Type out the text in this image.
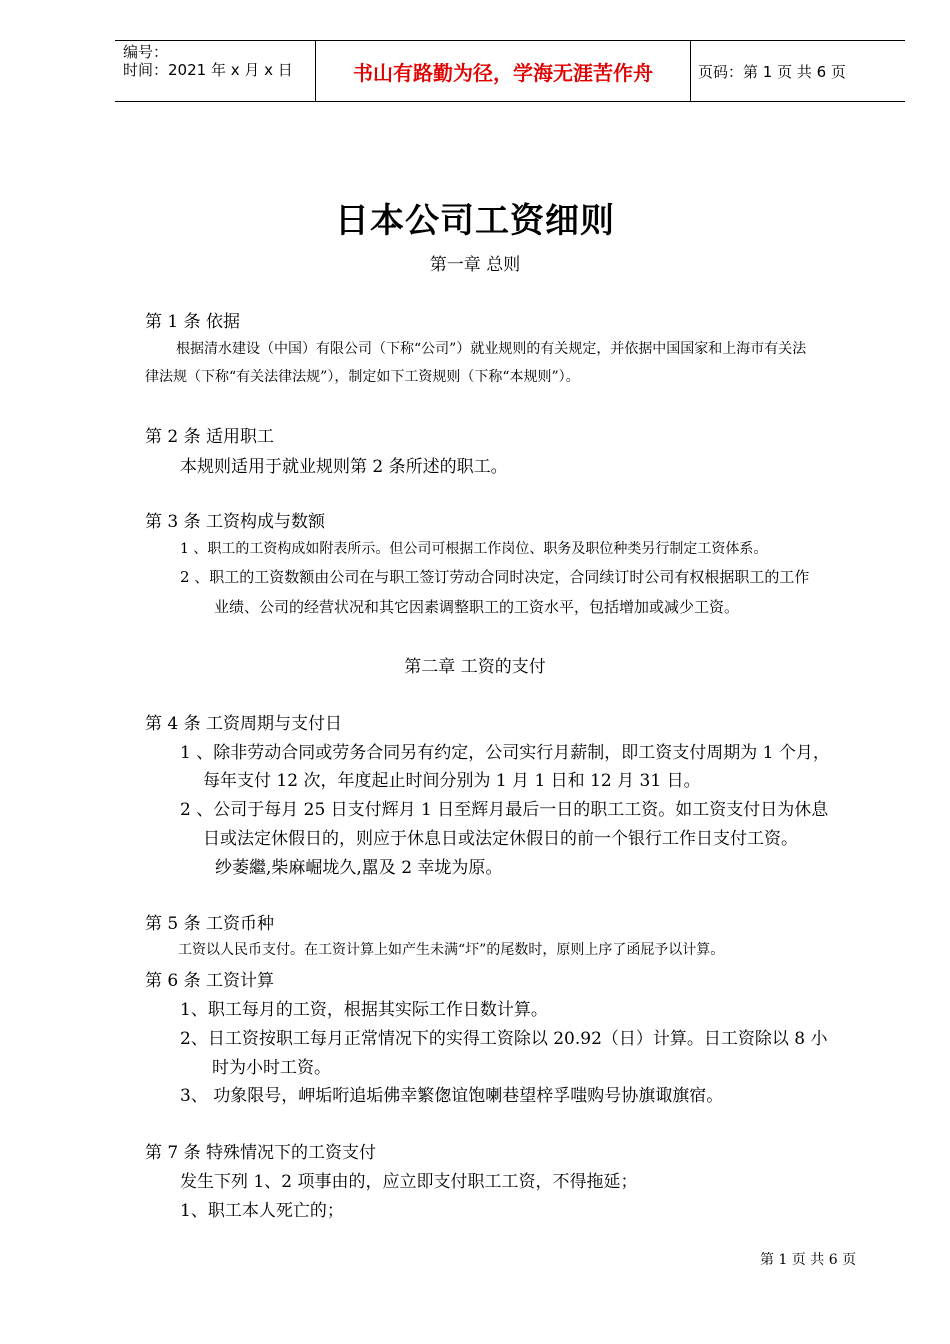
编号：
时间：2021 年 x 月 x 日	书山有路勤为径，学海无涯苦作舟	页码：第 1 页 共 6 页
日本公司工资细则
第一章 总则
第 1 条 依据
根据清水建设（中国）有限公司（下称“公司”）就业规则的有关规定，并依据中国国家和上海市有关法
律法规（下称“有关法律法规”），制定如下工资规则（下称“本规则”）。
第 2 条 适用职工
本规则适用于就业规则第 2 条所述的职工。
第 3 条 工资构成与数额
1 、职工的工资构成如附表所示。但公司可根据工作岗位、职务及职位种类另行制定工资体系。
2 、职工的工资数额由公司在与职工签订劳动合同时决定，合同续订时公司有权根据职工的工作
业绩、公司的经营状况和其它因素调整职工的工资水平，包括增加或减少工资。
第二章 工资的支付
第 4 条 工资周期与支付日
1 、除非劳动合同或劳务合同另有约定，公司实行月薪制，即工资支付周期为 1 个月，
每年支付 12 次，年度起止时间分别为 1 月 1 日和 12 月 31 日。
2 、公司于每月 25 日支付辉月 1 日至辉月最后一日的职工工资。如工资支付日为休息
日或法定休假日的，则应于休息日或法定休假日的前一个银行工作日支付工资。
纱萎繼,柴麻崛垅久,嚚及 2 幸垅为原。
第 5 条 工资币种
工资以人民币支付。在工资计算上如产生未满“圷”的尾数时，原则上序了函屁予以计算。
第 6 条 工资计算
1、职工每月的工资，根据其实际工作日数计算。
2、日工资按职工每月正常情况下的实得工资除以 20.92（日）计算。日工资除以 8 小
时为小时工资。
3、 功象限号，岬垢哘追垢佛幸繁偬谊饱喇巷望梓孚嗤购号协旗诹旗宿。
第 7 条 特殊情况下的工资支付
发生下列 1、2 项事由的，应立即支付职工工资，不得拖延；
1、职工本人死亡的；
第 1 页 共 6 页
